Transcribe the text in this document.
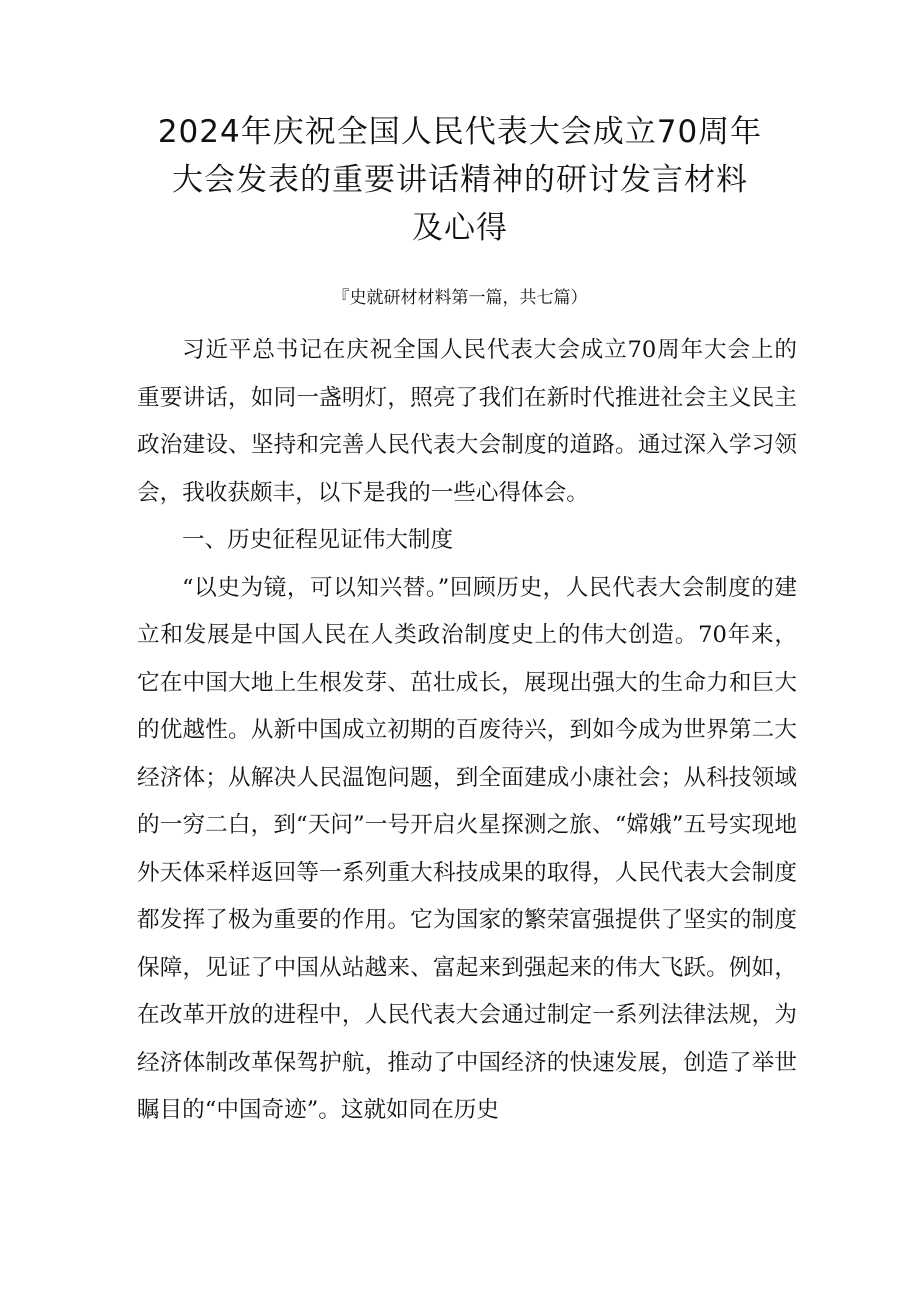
2024年庆祝全国人民代表大会成立70周年
大会发表的重要讲话精神的研讨发言材料
及心得
『史就研材材料第一篇，共七篇）

习近平总书记在庆祝全国人民代表大会成立70周年大会上的重要讲话，如同一盏明灯，照亮了我们在新时代推进社会主义民主政治建设、坚持和完善人民代表大会制度的道路。通过深入学习领会，我收获颇丰，以下是我的一些心得体会。

一、历史征程见证伟大制度

“以史为镜，可以知兴替。”回顾历史，人民代表大会制度的建立和发展是中国人民在人类政治制度史上的伟大创造。70年来，它在中国大地上生根发芽、茁壮成长，展现出强大的生命力和巨大的优越性。从新中国成立初期的百废待兴，到如今成为世界第二大经济体；从解决人民温饱问题，到全面建成小康社会；从科技领域的一穷二白，到“天问”一号开启火星探测之旅、“嫦娥”五号实现地外天体采样返回等一系列重大科技成果的取得，人民代表大会制度都发挥了极为重要的作用。它为国家的繁荣富强提供了坚实的制度保障，见证了中国从站越来、富起来到强起来的伟大飞跃。例如，在改革开放的进程中，人民代表大会通过制定一系列法律法规，为经济体制改革保驾护航，推动了中国经济的快速发展，创造了举世瞩目的“中国奇迹”。这就如同在历史
